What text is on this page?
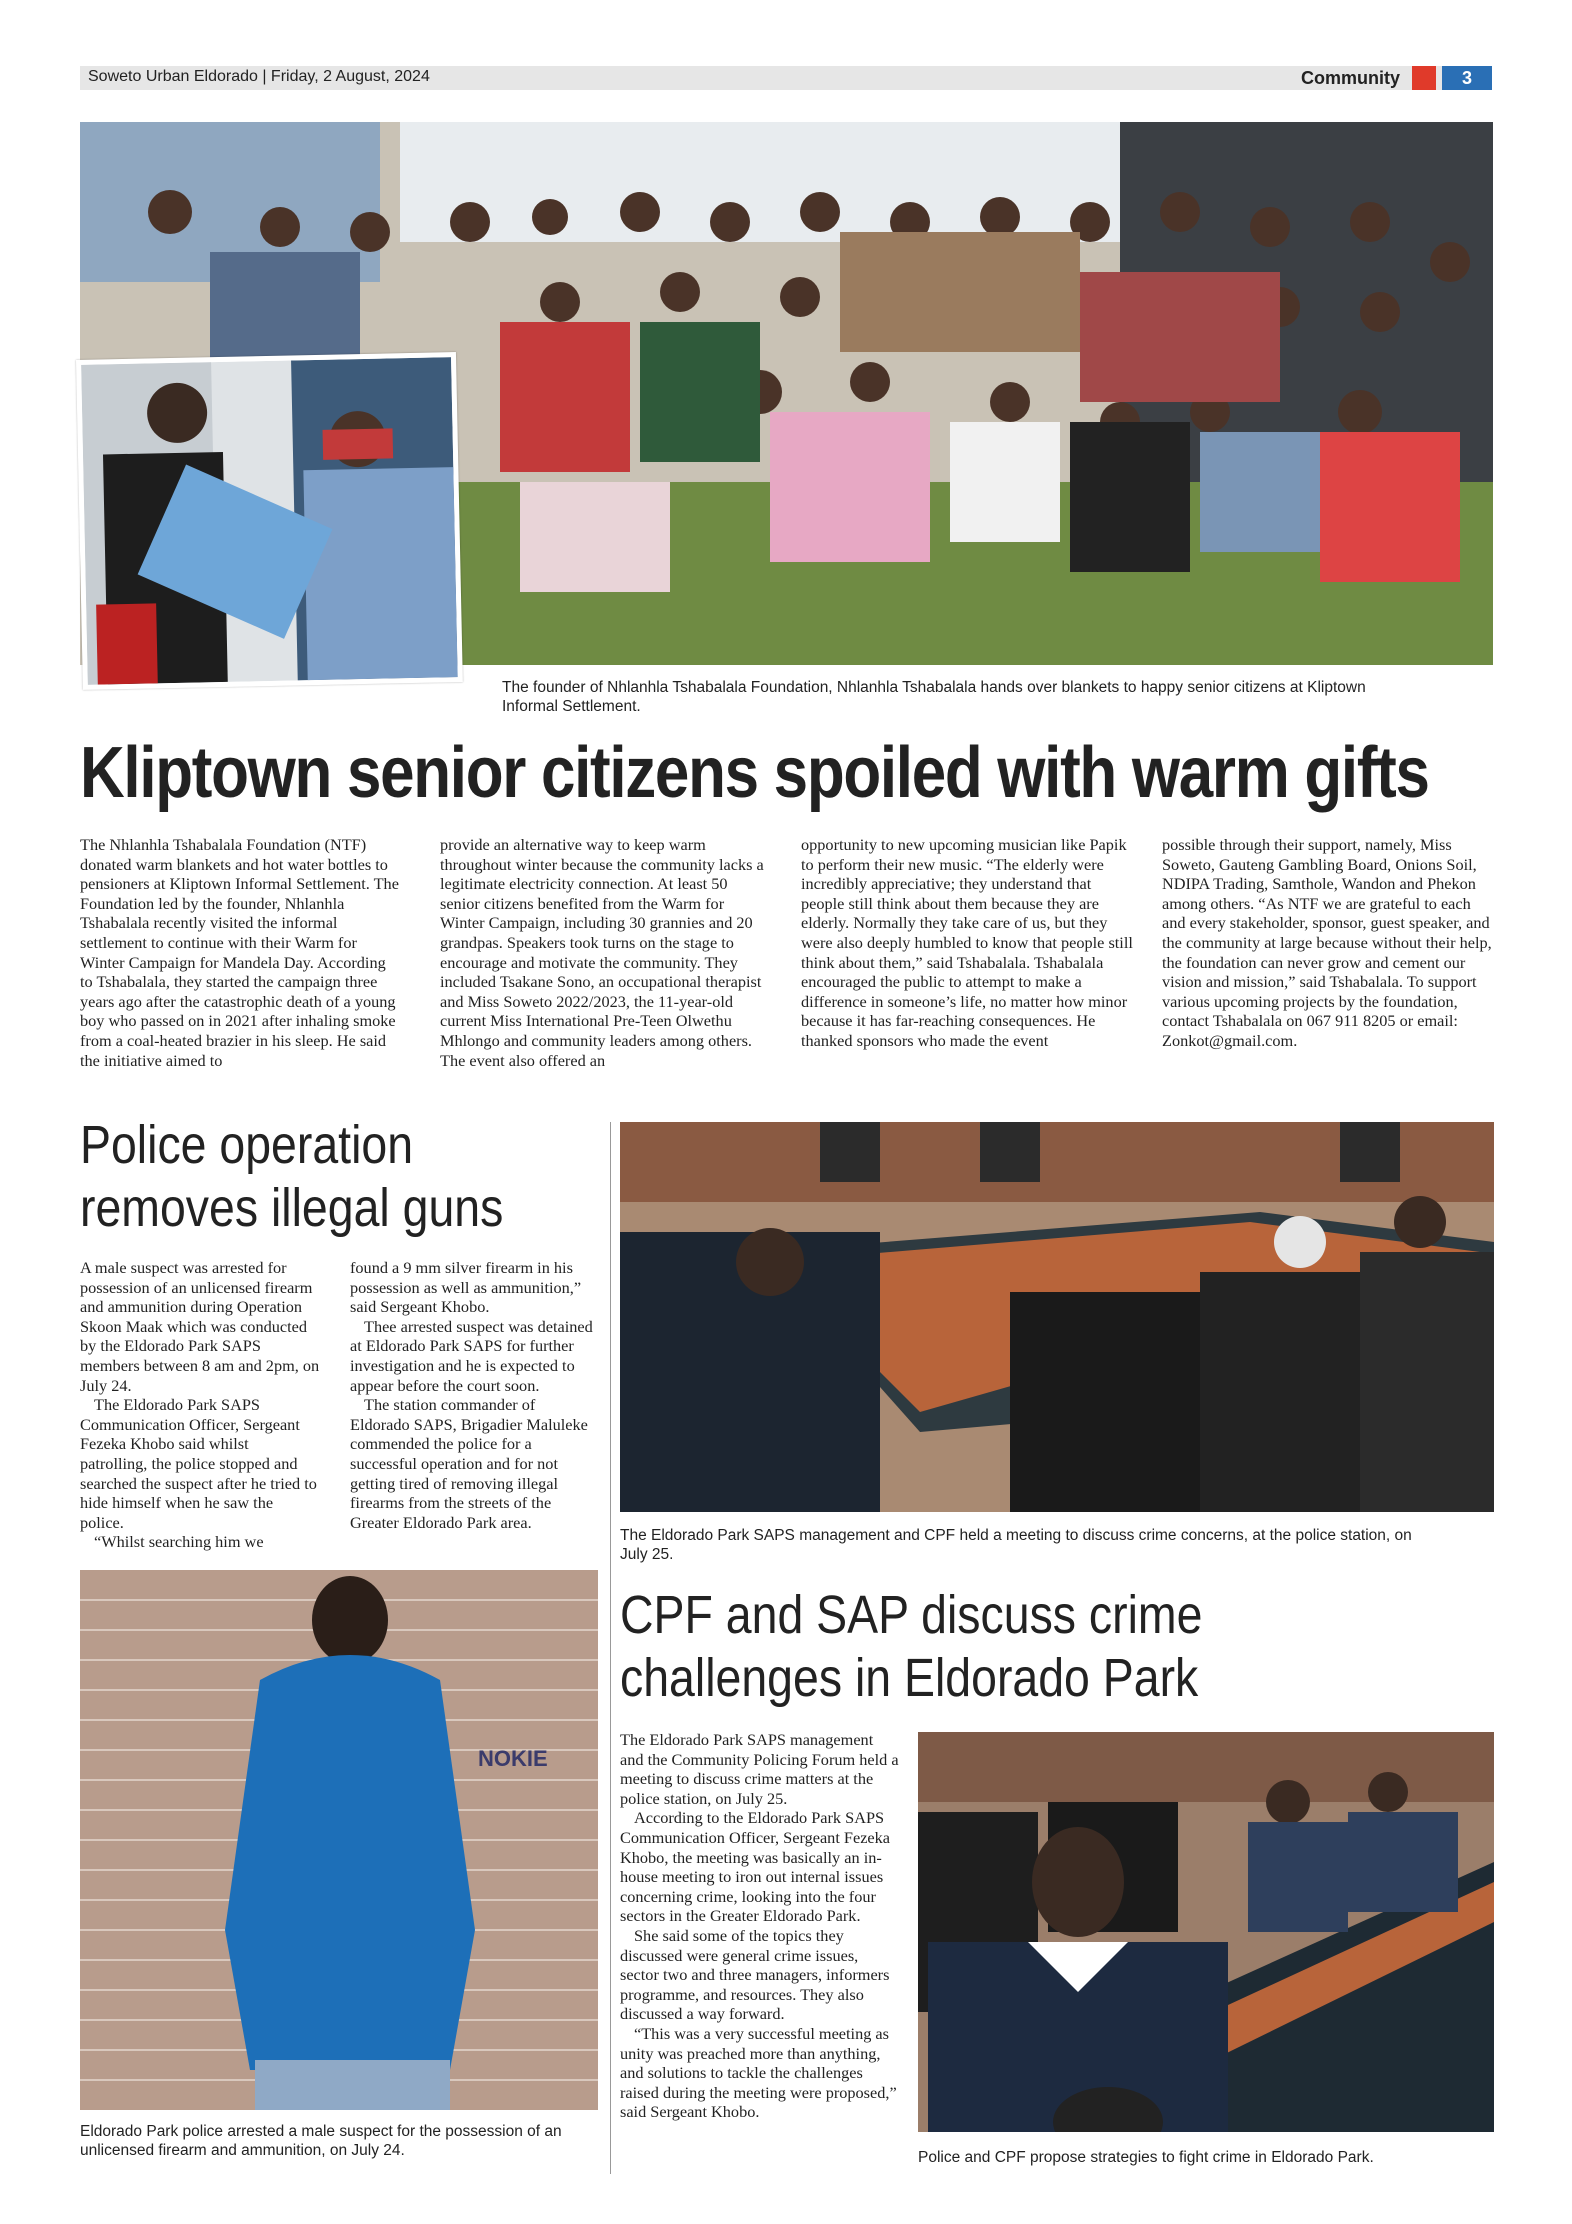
Soweto Urban Eldorado | Friday, 2 August, 2024	Community	3
The founder of Nhlanhla Tshabalala Foundation, Nhlanhla Tshabalala hands over blankets to happy senior citizens at Kliptown Informal Settlement.
Kliptown senior citizens spoiled with warm gifts
The Nhlanhla Tshabalala Foundation (NTF) donated warm blankets and hot water bottles to pensioners at Kliptown Informal Settlement. The Foundation led by the founder, Nhlanhla Tshabalala recently visited the informal settlement to continue with their Warm for Winter Campaign for Mandela Day. According to Tshabalala, they started the campaign three years ago after the catastrophic death of a young boy who passed on in 2021 after inhaling smoke from a coal-heated brazier in his sleep. He said the initiative aimed to
provide an alternative way to keep warm throughout winter because the community lacks a legitimate electricity connection. At least 50 senior citizens benefited from the Warm for Winter Campaign, including 30 grannies and 20 grandpas. Speakers took turns on the stage to encourage and motivate the community. They included Tsakane Sono, an occupational therapist and Miss Soweto 2022/2023, the 11-year-old current Miss International Pre-Teen Olwethu Mhlongo and community leaders among others. The event also offered an
opportunity to new upcoming musician like Papik to perform their new music. “The elderly were incredibly appreciative; they understand that people still think about them because they are elderly. Normally they take care of us, but they were also deeply humbled to know that people still think about them,” said Tshabalala. Tshabalala encouraged the public to attempt to make a difference in someone’s life, no matter how minor because it has far-reaching consequences. He thanked sponsors who made the event
possible through their support, namely, Miss Soweto, Gauteng Gambling Board, Onions Soil, NDIPA Trading, Samthole, Wandon and Phekon among others. “As NTF we are grateful to each and every stakeholder, sponsor, guest speaker, and the community at large because without their help, the foundation can never grow and cement our vision and mission,” said Tshabalala. To support various upcoming projects by the foundation, contact Tshabalala on 067 911 8205 or email: Zonkot@gmail.com.
Police operation
removes illegal guns

A male suspect was arrested for possession of an unlicensed firearm and ammunition during Operation Skoon Maak which was conducted by the Eldorado Park SAPS members between 8 am and 2pm, on July 24.

The Eldorado Park SAPS Communication Officer, Sergeant Fezeka Khobo said whilst patrolling, the police stopped and searched the suspect after he tried to hide himself when he saw the police.

“Whilst searching him we

found a 9 mm silver firearm in his possession as well as ammunition,” said Sergeant Khobo.

Thee arrested suspect was detained at Eldorado Park SAPS for further investigation and he is expected to appear before the court soon.

The station commander of Eldorado SAPS, Brigadier Maluleke commended the police for a successful operation and for not getting tired of removing illegal firearms from the streets of the Greater Eldorado Park area.

NOKIE
Eldorado Park police arrested a male suspect for the possession of an unlicensed firearm and ammunition, on July 24.
The Eldorado Park SAPS management and CPF held a meeting to discuss crime concerns, at the police station, on July 25.
CPF and SAP discuss crime
challenges in Eldorado Park

The Eldorado Park SAPS management and the Community Policing Forum held a meeting to discuss crime matters at the police station, on July 25.

According to the Eldorado Park SAPS Communication Officer, Sergeant Fezeka Khobo, the meeting was basically an in-house meeting to iron out internal issues concerning crime, looking into the four sectors in the Greater Eldorado Park.

She said some of the topics they discussed were general crime issues, sector two and three managers, informers programme, and resources. They also discussed a way forward.

“This was a very successful meeting as unity was preached more than anything, and solutions to tackle the challenges raised during the meeting were proposed,” said Sergeant Khobo.

Police and CPF propose strategies to fight crime in Eldorado Park.
